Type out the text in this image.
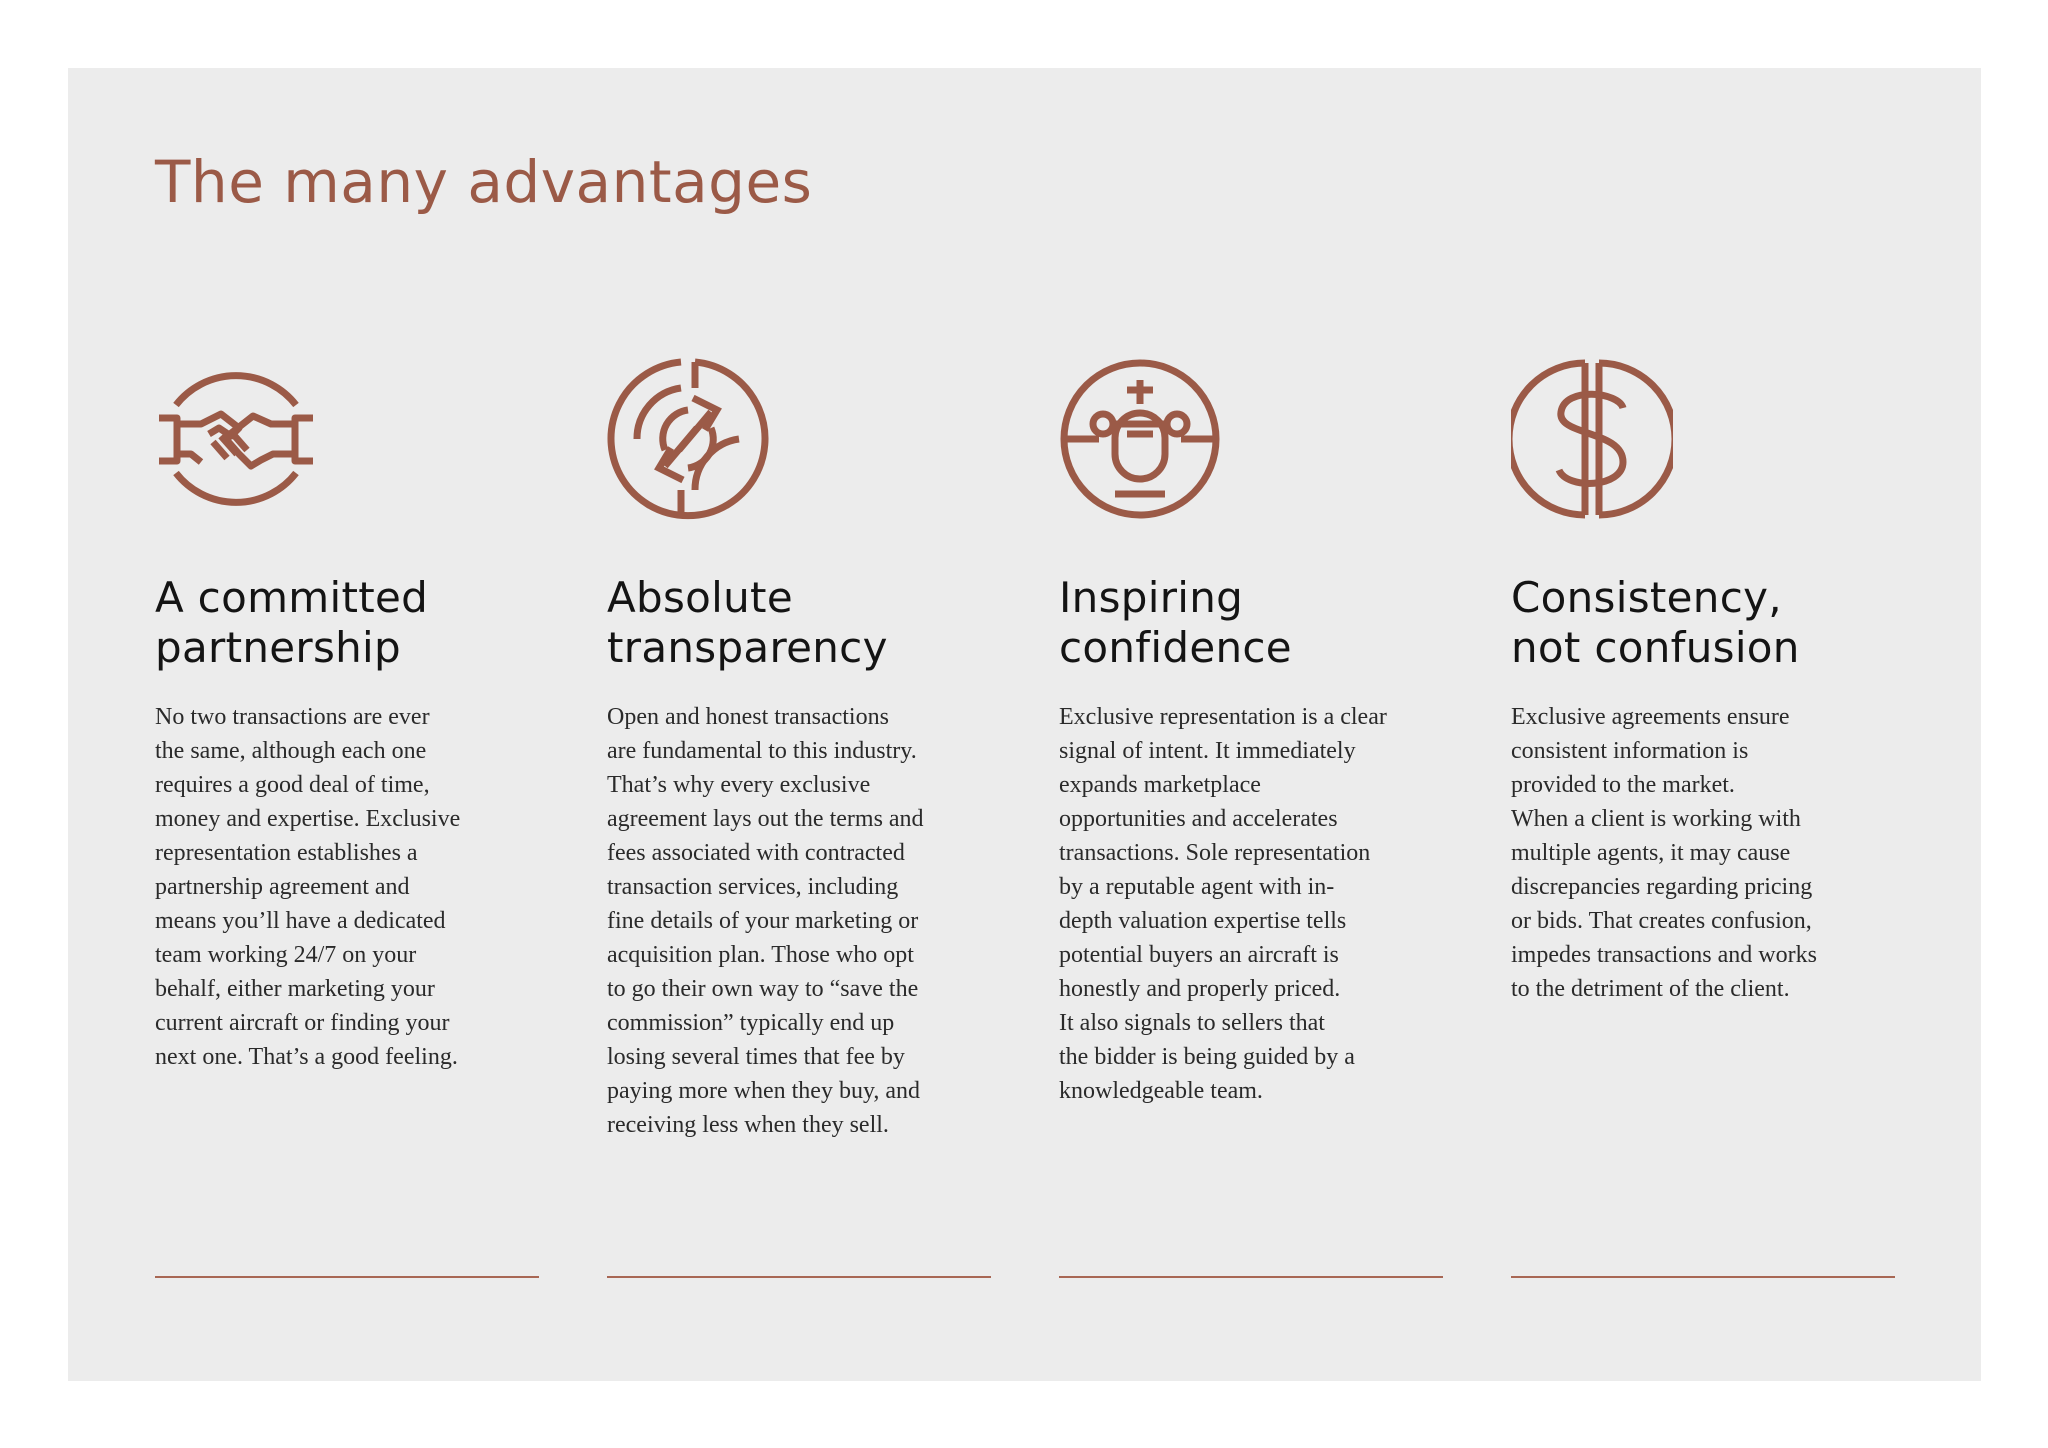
The many advantages
A committed
partnership

No two transactions are ever
the same, although each one
requires a good deal of time,
money and expertise. Exclusive
representation establishes a
partnership agreement and
means you’ll have a dedicated
team working 24/7 on your
behalf, either marketing your
current aircraft or finding your
next one. That’s a good feeling.

Absolute
transparency

Open and honest transactions
are fundamental to this industry.
That’s why every exclusive
agreement lays out the terms and
fees associated with contracted
transaction services, including
fine details of your marketing or
acquisition plan. Those who opt
to go their own way to “save the
commission” typically end up
losing several times that fee by
paying more when they buy, and
receiving less when they sell.

Inspiring
confidence

Exclusive representation is a clear
signal of intent. It immediately
expands marketplace
opportunities and accelerates
transactions. Sole representation
by a reputable agent with in-
depth valuation expertise tells
potential buyers an aircraft is
honestly and properly priced.
It also signals to sellers that
the bidder is being guided by a
knowledgeable team.

Consistency,
not confusion

Exclusive agreements ensure
consistent information is
provided to the market.
When a client is working with
multiple agents, it may cause
discrepancies regarding pricing
or bids. That creates confusion,
impedes transactions and works
to the detriment of the client.
